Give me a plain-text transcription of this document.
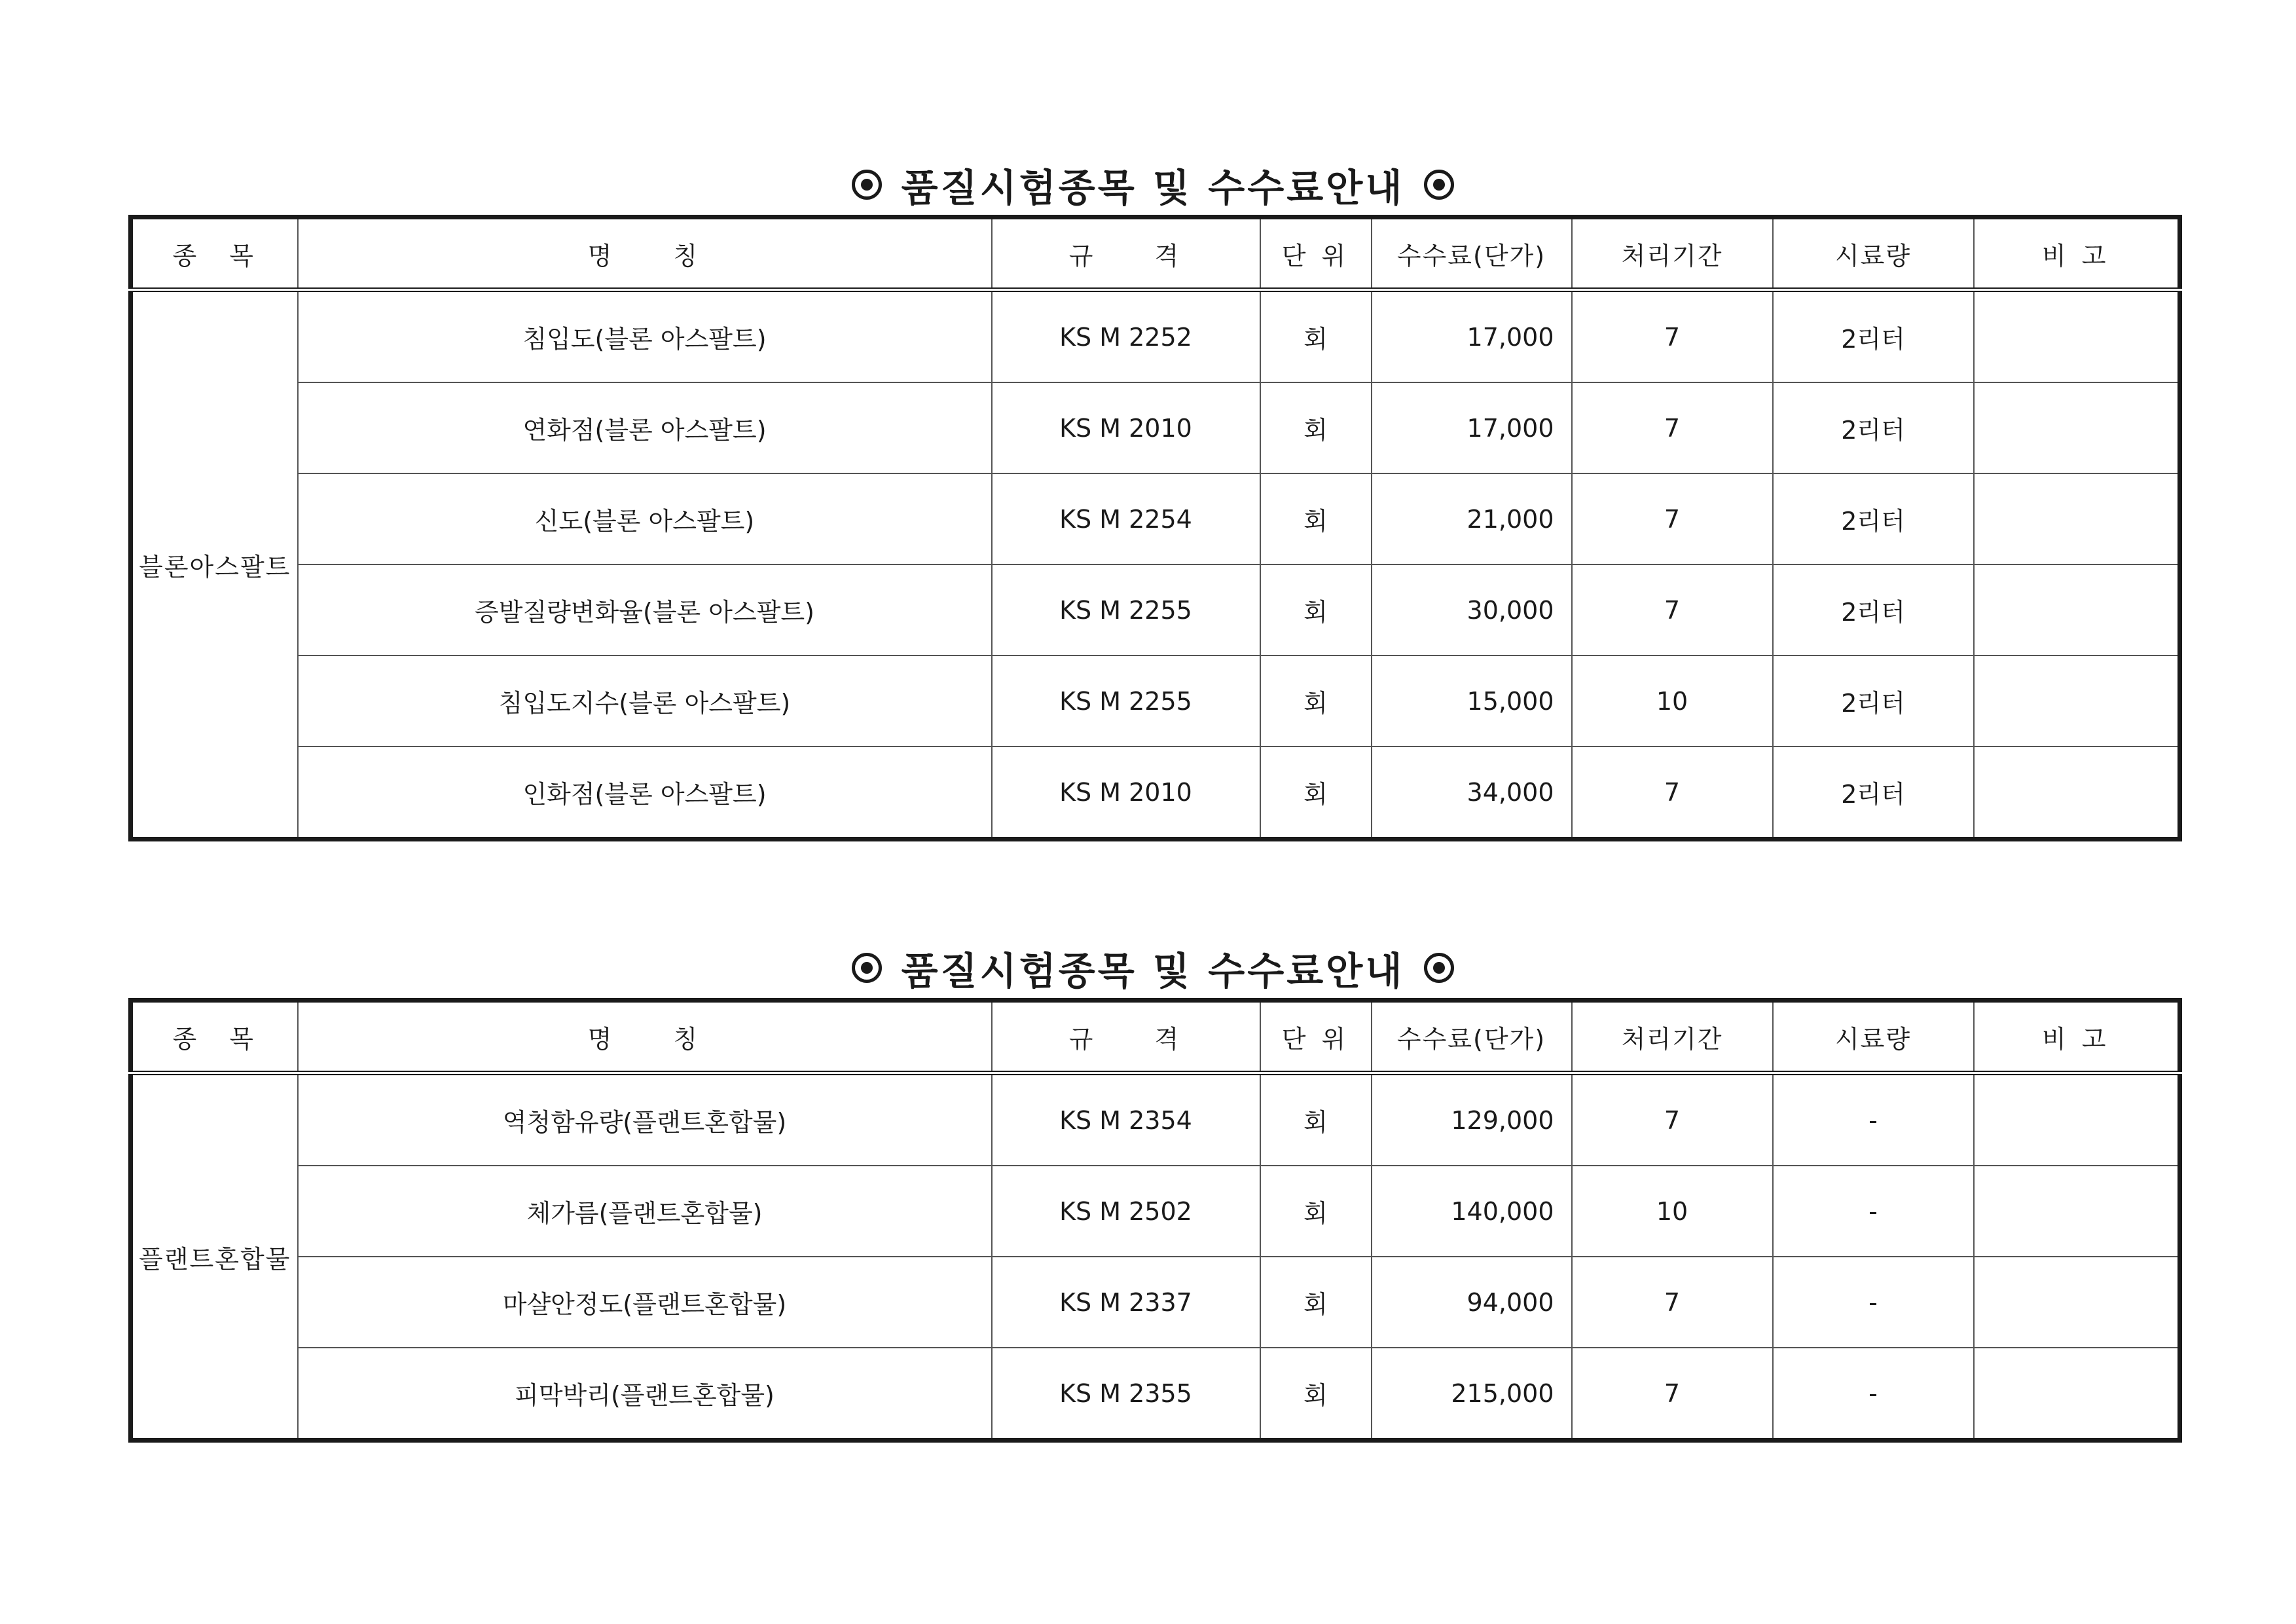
품질시험종목 및 수수료안내
종　목	명　　칭	규　　격	단 위	수수료(단가)	처리기간	시료량	비 고
블론아스팔트	침입도(블론 아스팔트)	KS M 2252	회	17,000	7	2리터	
	연화점(블론 아스팔트)	KS M 2010	회	17,000	7	2리터	
	신도(블론 아스팔트)	KS M 2254	회	21,000	7	2리터	
	증발질량변화율(블론 아스팔트)	KS M 2255	회	30,000	7	2리터	
	침입도지수(블론 아스팔트)	KS M 2255	회	15,000	10	2리터	
	인화점(블론 아스팔트)	KS M 2010	회	34,000	7	2리터	
품질시험종목 및 수수료안내
종　목	명　　칭	규　　격	단 위	수수료(단가)	처리기간	시료량	비 고
플랜트혼합물	역청함유량(플랜트혼합물)	KS M 2354	회	129,000	7	-	
	체가름(플랜트혼합물)	KS M 2502	회	140,000	10	-	
	마샬안정도(플랜트혼합물)	KS M 2337	회	94,000	7	-	
	피막박리(플랜트혼합물)	KS M 2355	회	215,000	7	-	
